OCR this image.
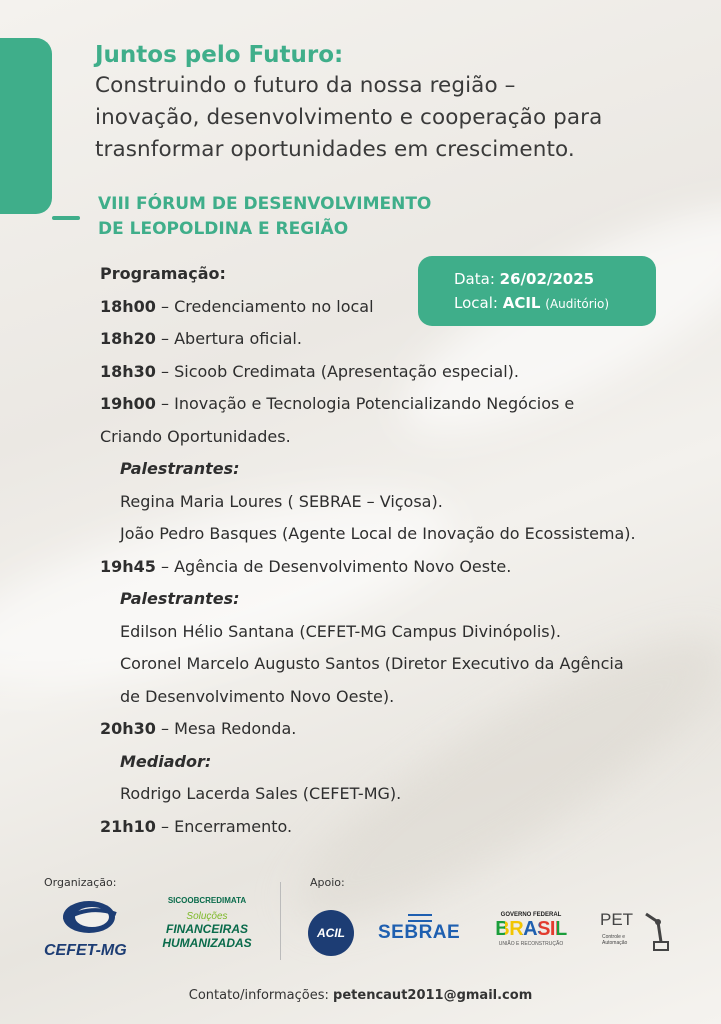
Juntos pelo Futuro:

Construindo o futuro da nossa região –

inovação, desenvolvimento e cooperação para

trasnformar oportunidades em crescimento.

VIII FÓRUM DE DESENVOLVIMENTO
DE LEOPOLDINA E REGIÃO
Data: 26/02/2025
Local: ACIL (Auditório)
Programação:
18h00 – Credenciamento no local
18h20 – Abertura oficial.
18h30 – Sicoob Credimata (Apresentação especial).
19h00 – Inovação e Tecnologia Potencializando Negócios e
Criando Oportunidades.
Palestrantes:
Regina Maria Loures ( SEBRAE – Viçosa).
João Pedro Basques (Agente Local de Inovação do Ecossistema).
19h45 – Agência de Desenvolvimento Novo Oeste.
Palestrantes:
Edilson Hélio Santana (CEFET-MG Campus Divinópolis).
Coronel Marcelo Augusto Santos (Diretor Executivo da Agência
de Desenvolvimento Novo Oeste).
20h30 – Mesa Redonda.
Mediador:
Rodrigo Lacerda Sales (CEFET-MG).
21h10 – Encerramento.
Organização:	Apoio:
CEFET-MG
SICOOBCREDIMATA
Soluções
FINANCEIRAS
HUMANIZADAS
ACIL	SEBRAE
GOVERNO FEDERAL
BRASIL
UNIÃO E RECONSTRUÇÃO
PET
Controle e Automação
Contato/informações: petencaut2011@gmail.com
